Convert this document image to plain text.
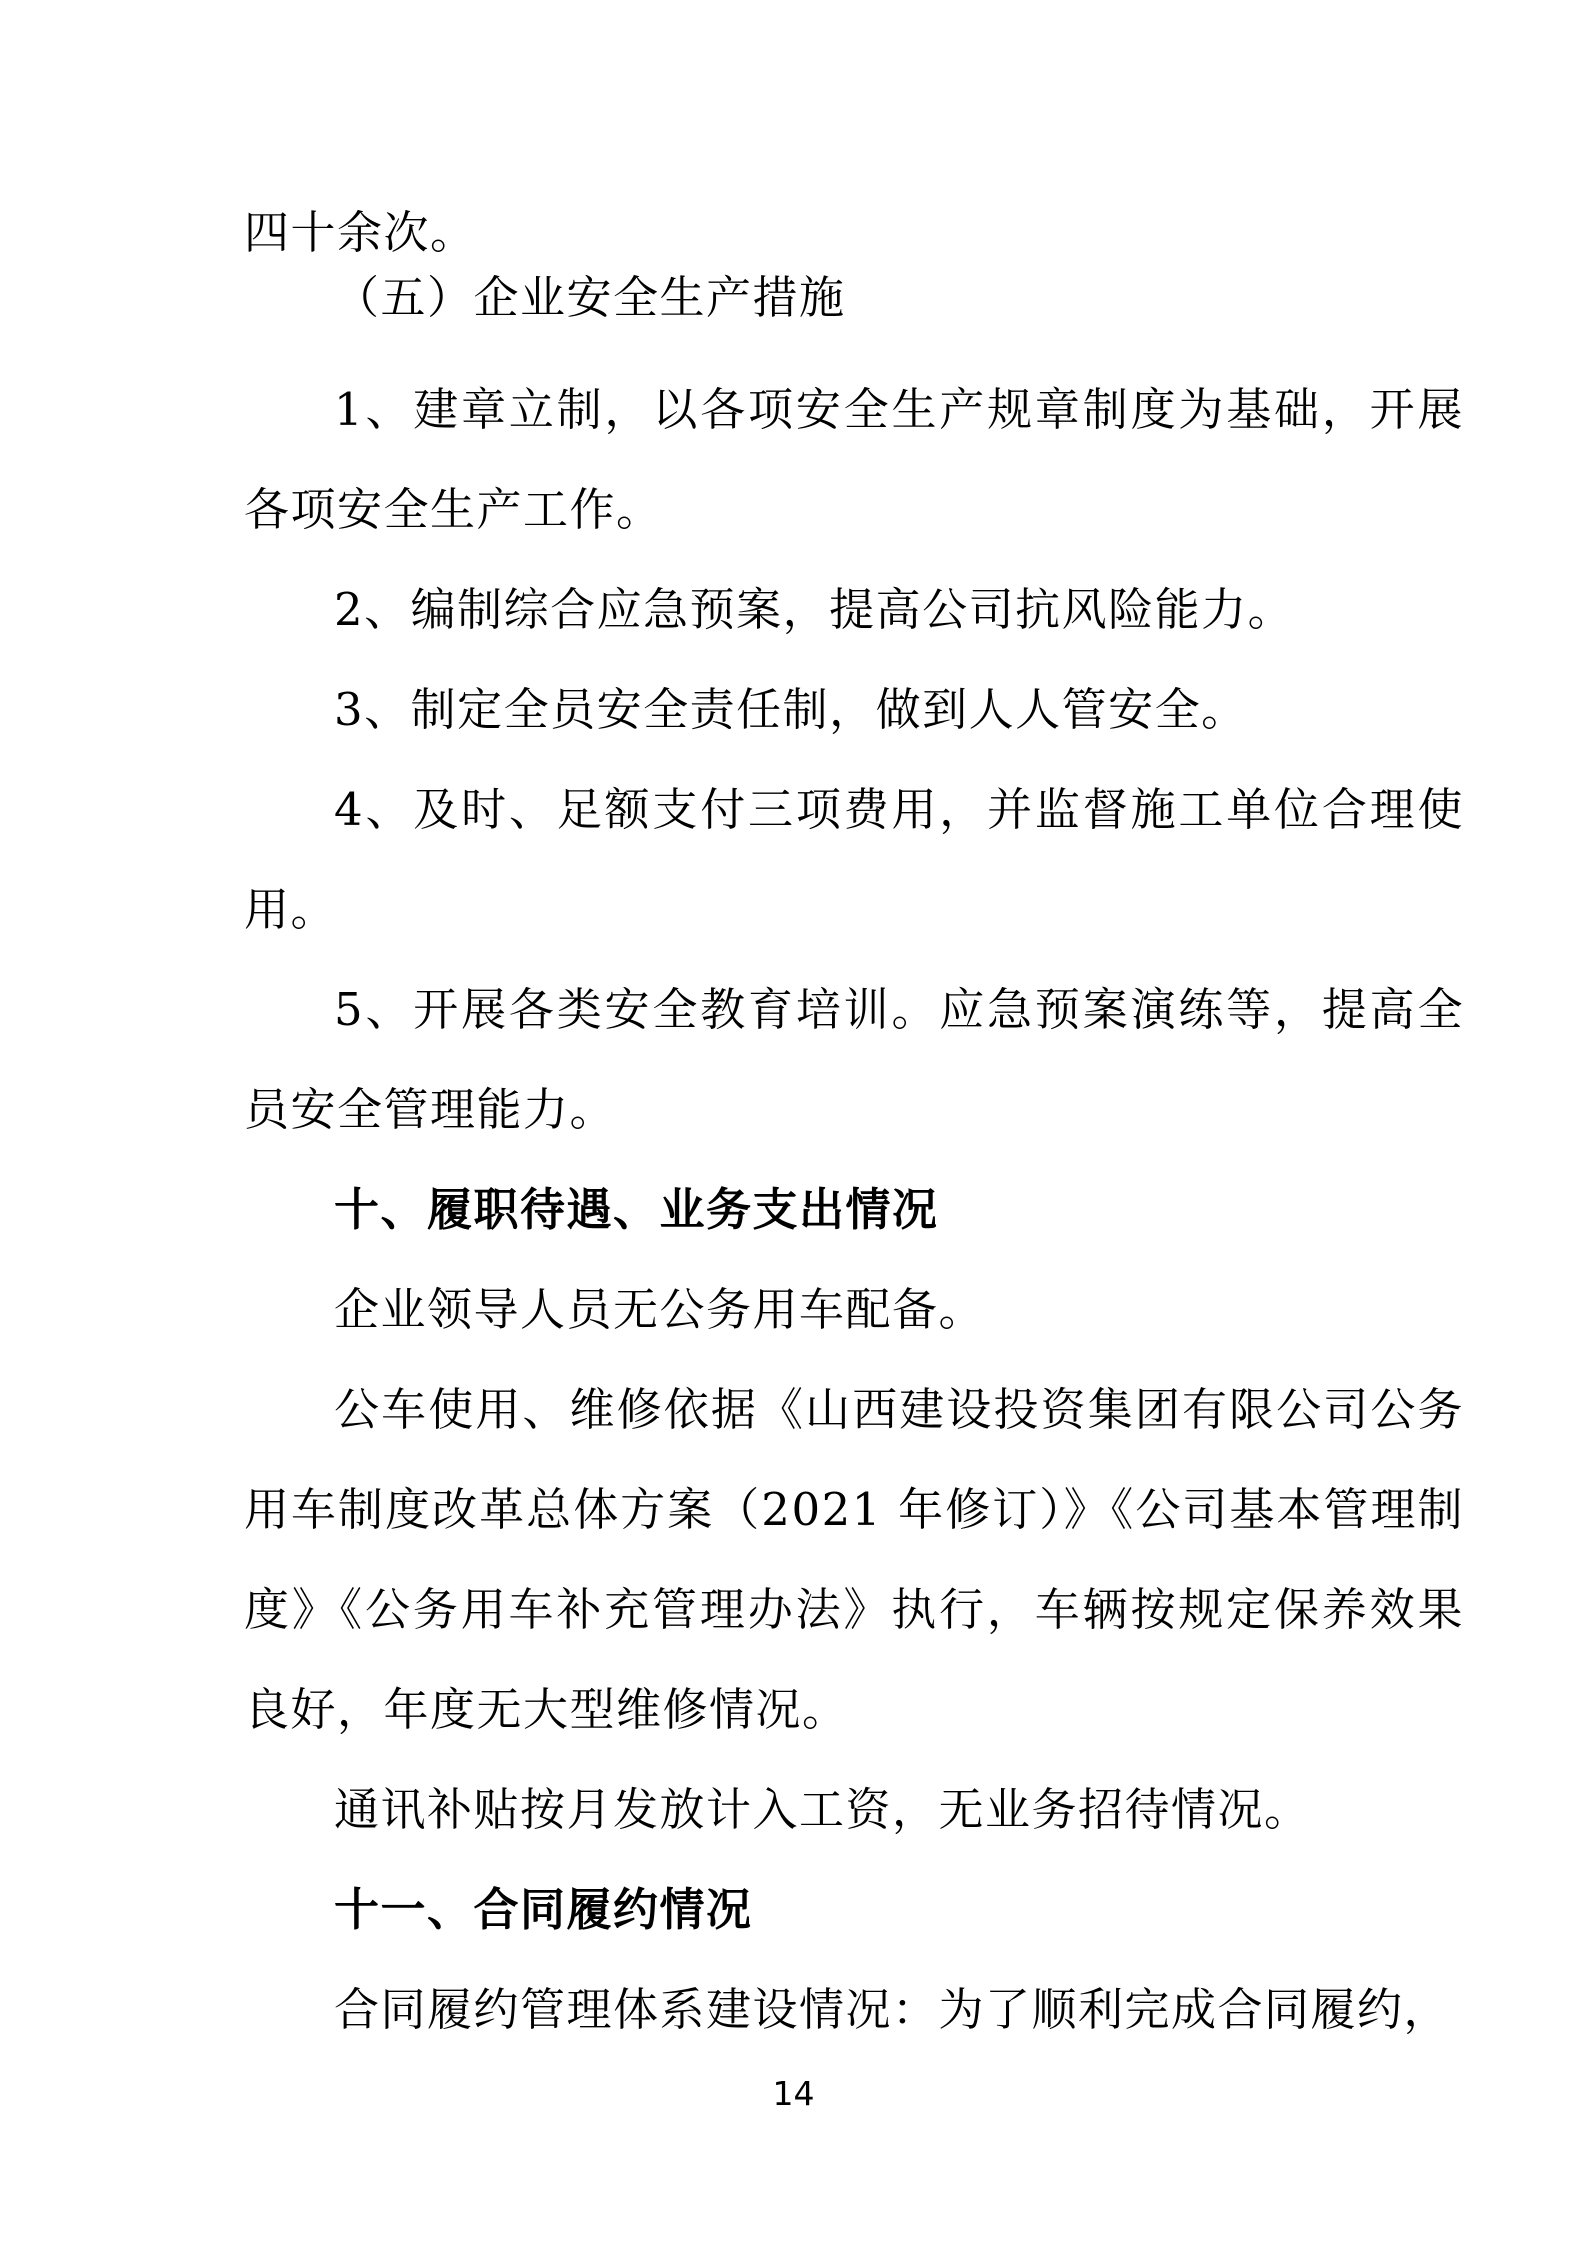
四十余次。

（五）企业安全生产措施

1、建章立制，以各项安全生产规章制度为基础，开展各项安全生产工作。

2、编制综合应急预案，提高公司抗风险能力。

3、制定全员安全责任制，做到人人管安全。

4、及时、足额支付三项费用，并监督施工单位合理使用。

5、开展各类安全教育培训。应急预案演练等，提高全员安全管理能力。

十、履职待遇、业务支出情况

企业领导人员无公务用车配备。

公车使用、维修依据《山西建设投资集团有限公司公务用车制度改革总体方案（2021 年修订）》《公司基本管理制度》《公务用车补充管理办法》执行，车辆按规定保养效果良好，年度无大型维修情况。

通讯补贴按月发放计入工资，无业务招待情况。

十一、合同履约情况

合同履约管理体系建设情况：为了顺利完成合同履约，

14
